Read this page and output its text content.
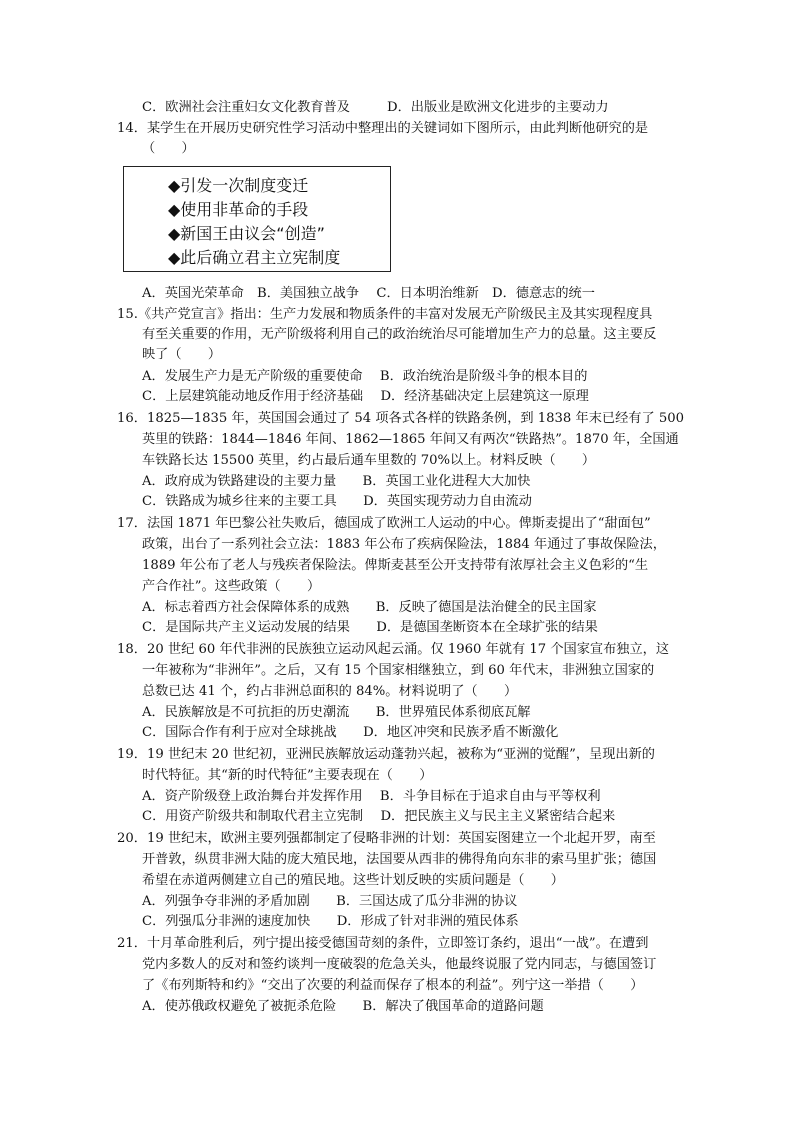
C．欧洲社会注重妇女文化教育普及	D．出版业是欧洲文化进步的主要动力
14．某学生在开展历史研究性学习活动中整理出的关键词如下图所示，由此判断他研究的是
（　　）
◆引发一次制度变迁
◆使用非革命的手段
◆新国王由议会“创造”
◆此后确立君主立宪制度
A．英国光荣革命　B．美国独立战争　 C．日本明治维新　D．德意志的统一
15.《共产党宣言》指出：生产力发展和物质条件的丰富对发展无产阶级民主及其实现程度具
有至关重要的作用，无产阶级将利用自己的政治统治尽可能增加生产力的总量。这主要反
映了（　　）
A．发展生产力是无产阶级的重要使命　 B．政治统治是阶级斗争的根本目的
C．上层建筑能动地反作用于经济基础　 D．经济基础决定上层建筑这一原理
16．1825—1835 年，英国国会通过了 54 项各式各样的铁路条例，到 1838 年末已经有了 500
英里的铁路：1844—1846 年间、1862—1865 年间又有两次“铁路热”。1870 年，全国通
车铁路长达 15500 英里，约占最后通车里数的 70%以上。材料反映（　　）
A．政府成为铁路建设的主要力量　　B．英国工业化进程大大加快
C．铁路成为城乡往来的主要工具　　D．英国实现劳动力自由流动
17．法国 1871 年巴黎公社失败后，德国成了欧洲工人运动的中心。俾斯麦提出了“甜面包”
政策，出台了一系列社会立法：1883 年公布了疾病保险法，1884 年通过了事故保险法，
1889 年公布了老人与残疾者保险法。俾斯麦甚至公开支持带有浓厚社会主义色彩的“生
产合作社”。这些政策（　　）
A．标志着西方社会保障体系的成熟　　B．反映了德国是法治健全的民主国家
C．是国际共产主义运动发展的结果　　D．是德国垄断资本在全球扩张的结果
18．20 世纪 60 年代非洲的民族独立运动风起云涌。仅 1960 年就有 17 个国家宣布独立，这
一年被称为“非洲年”。之后，又有 15 个国家相继独立，到 60 年代末，非洲独立国家的
总数已达 41 个，约占非洲总面积的 84%。材料说明了（　　）
A．民族解放是不可抗拒的历史潮流　　B．世界殖民体系彻底瓦解
C．国际合作有利于应对全球挑战　　D．地区冲突和民族矛盾不断激化
19．19 世纪末 20 世纪初，亚洲民族解放运动蓬勃兴起，被称为“亚洲的觉醒”，呈现出新的
时代特征。其“新的时代特征”主要表现在（　　）
A．资产阶级登上政治舞台并发挥作用　 B．斗争目标在于追求自由与平等权利
C．用资产阶级共和制取代君主立宪制　 D．把民族主义与民主主义紧密结合起来
20．19 世纪末，欧洲主要列强都制定了侵略非洲的计划：英国妄图建立一个北起开罗，南至
开普敦，纵贯非洲大陆的庞大殖民地，法国要从西非的佛得角向东非的索马里扩张；德国
希望在赤道两侧建立自己的殖民地。这些计划反映的实质问题是（　　）
A．列强争夺非洲的矛盾加剧　　B．三国达成了瓜分非洲的协议
C．列强瓜分非洲的速度加快　　D．形成了针对非洲的殖民体系
21．十月革命胜利后，列宁提出接受德国苛刻的条件，立即签订条约，退出“一战”。在遭到
党内多数人的反对和签约谈判一度破裂的危急关头，他最终说服了党内同志，与德国签订
了《布列斯特和约》“交出了次要的利益而保存了根本的利益”。列宁这一举措（　　）
A．使苏俄政权避免了被扼杀危险　　B．解决了俄国革命的道路问题
